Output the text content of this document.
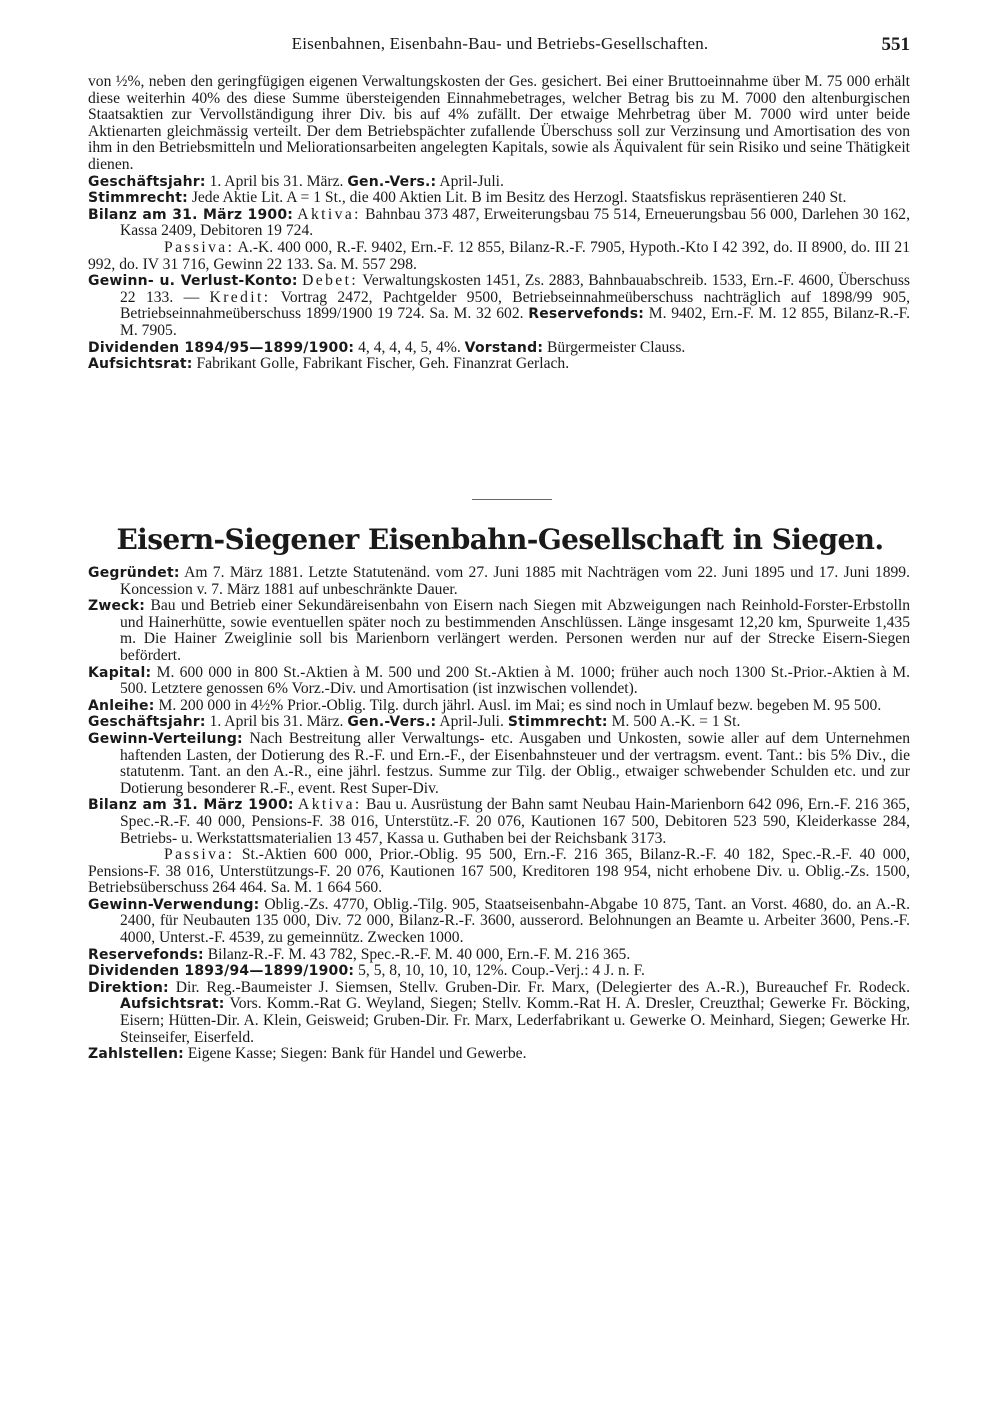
Eisenbahnen, Eisenbahn-Bau- und Betriebs-Gesellschaften.	551

von ½%, neben den geringfügigen eigenen Verwaltungskosten der Ges. gesichert. Bei einer Bruttoeinnahme über M. 75 000 erhält diese weiterhin 40% des diese Summe übersteigenden Einnahmebetrages, welcher Betrag bis zu M. 7000 den altenburgischen Staatsaktien zur Vervollständigung ihrer Div. bis auf 4% zufällt. Der etwaige Mehrbetrag über M. 7000 wird unter beide Aktienarten gleichmässig verteilt. Der dem Betriebspächter zufallende Überschuss soll zur Verzinsung und Amortisation des von ihm in den Betriebsmitteln und Meliorationsarbeiten angelegten Kapitals, sowie als Äquivalent für sein Risiko und seine Thätigkeit dienen.

Geschäftsjahr: 1. April bis 31. März. Gen.-Vers.: April-Juli.

Stimmrecht: Jede Aktie Lit. A = 1 St., die 400 Aktien Lit. B im Besitz des Herzogl. Staatsfiskus repräsentieren 240 St.

Bilanz am 31. März 1900: Aktiva: Bahnbau 373 487, Erweiterungsbau 75 514, Erneuerungsbau 56 000, Darlehen 30 162, Kassa 2409, Debitoren 19 724.

Passiva: A.-K. 400 000, R.-F. 9402, Ern.-F. 12 855, Bilanz-R.-F. 7905, Hypoth.-Kto I 42 392, do. II 8900, do. III 21 992, do. IV 31 716, Gewinn 22 133. Sa. M. 557 298.

Gewinn- u. Verlust-Konto: Debet: Verwaltungskosten 1451, Zs. 2883, Bahnbauabschreib. 1533, Ern.-F. 4600, Überschuss 22 133. — Kredit: Vortrag 2472, Pachtgelder 9500, Betriebseinnahmeüberschuss nachträglich auf 1898/99 905, Betriebseinnahmeüberschuss 1899/1900 19 724. Sa. M. 32 602. Reservefonds: M. 9402, Ern.-F. M. 12 855, Bilanz-R.-F. M. 7905.

Dividenden 1894/95—1899/1900: 4, 4, 4, 4, 5, 4%. Vorstand: Bürgermeister Clauss.

Aufsichtsrat: Fabrikant Golle, Fabrikant Fischer, Geh. Finanzrat Gerlach.

Eisern-Siegener Eisenbahn-Gesellschaft in Siegen.

Gegründet: Am 7. März 1881. Letzte Statutenänd. vom 27. Juni 1885 mit Nachträgen vom 22. Juni 1895 und 17. Juni 1899. Koncession v. 7. März 1881 auf unbeschränkte Dauer.

Zweck: Bau und Betrieb einer Sekundäreisenbahn von Eisern nach Siegen mit Abzweigungen nach Reinhold-Forster-Erbstolln und Hainerhütte, sowie eventuellen später noch zu bestimmenden Anschlüssen. Länge insgesamt 12,20 km, Spurweite 1,435 m. Die Hainer Zweiglinie soll bis Marienborn verlängert werden. Personen werden nur auf der Strecke Eisern-Siegen befördert.

Kapital: M. 600 000 in 800 St.-Aktien à M. 500 und 200 St.-Aktien à M. 1000; früher auch noch 1300 St.-Prior.-Aktien à M. 500. Letztere genossen 6% Vorz.-Div. und Amortisation (ist inzwischen vollendet).

Anleihe: M. 200 000 in 4½% Prior.-Oblig. Tilg. durch jährl. Ausl. im Mai; es sind noch in Umlauf bezw. begeben M. 95 500.

Geschäftsjahr: 1. April bis 31. März. Gen.-Vers.: April-Juli. Stimmrecht: M. 500 A.-K. = 1 St.

Gewinn-Verteilung: Nach Bestreitung aller Verwaltungs- etc. Ausgaben und Unkosten, sowie aller auf dem Unternehmen haftenden Lasten, der Dotierung des R.-F. und Ern.-F., der Eisenbahnsteuer und der vertragsm. event. Tant.: bis 5% Div., die statutenm. Tant. an den A.-R., eine jährl. festzus. Summe zur Tilg. der Oblig., etwaiger schwebender Schulden etc. und zur Dotierung besonderer R.-F., event. Rest Super-Div.

Bilanz am 31. März 1900: Aktiva: Bau u. Ausrüstung der Bahn samt Neubau Hain-Marienborn 642 096, Ern.-F. 216 365, Spec.-R.-F. 40 000, Pensions-F. 38 016, Unterstütz.-F. 20 076, Kautionen 167 500, Debitoren 523 590, Kleiderkasse 284, Betriebs- u. Werkstattsmaterialien 13 457, Kassa u. Guthaben bei der Reichsbank 3173.

Passiva: St.-Aktien 600 000, Prior.-Oblig. 95 500, Ern.-F. 216 365, Bilanz-R.-F. 40 182, Spec.-R.-F. 40 000, Pensions-F. 38 016, Unterstützungs-F. 20 076, Kautionen 167 500, Kreditoren 198 954, nicht erhobene Div. u. Oblig.-Zs. 1500, Betriebsüberschuss 264 464. Sa. M. 1 664 560.

Gewinn-Verwendung: Oblig.-Zs. 4770, Oblig.-Tilg. 905, Staatseisenbahn-Abgabe 10 875, Tant. an Vorst. 4680, do. an A.-R. 2400, für Neubauten 135 000, Div. 72 000, Bilanz-R.-F. 3600, ausserord. Belohnungen an Beamte u. Arbeiter 3600, Pens.-F. 4000, Unterst.-F. 4539, zu gemeinnütz. Zwecken 1000.

Reservefonds: Bilanz-R.-F. M. 43 782, Spec.-R.-F. M. 40 000, Ern.-F. M. 216 365.

Dividenden 1893/94—1899/1900: 5, 5, 8, 10, 10, 10, 12%. Coup.-Verj.: 4 J. n. F.

Direktion: Dir. Reg.-Baumeister J. Siemsen, Stellv. Gruben-Dir. Fr. Marx, (Delegierter des A.-R.), Bureauchef Fr. Rodeck. Aufsichtsrat: Vors. Komm.-Rat G. Weyland, Siegen; Stellv. Komm.-Rat H. A. Dresler, Creuzthal; Gewerke Fr. Böcking, Eisern; Hütten-Dir. A. Klein, Geisweid; Gruben-Dir. Fr. Marx, Lederfabrikant u. Gewerke O. Meinhard, Siegen; Gewerke Hr. Steinseifer, Eiserfeld.

Zahlstellen: Eigene Kasse; Siegen: Bank für Handel und Gewerbe.
